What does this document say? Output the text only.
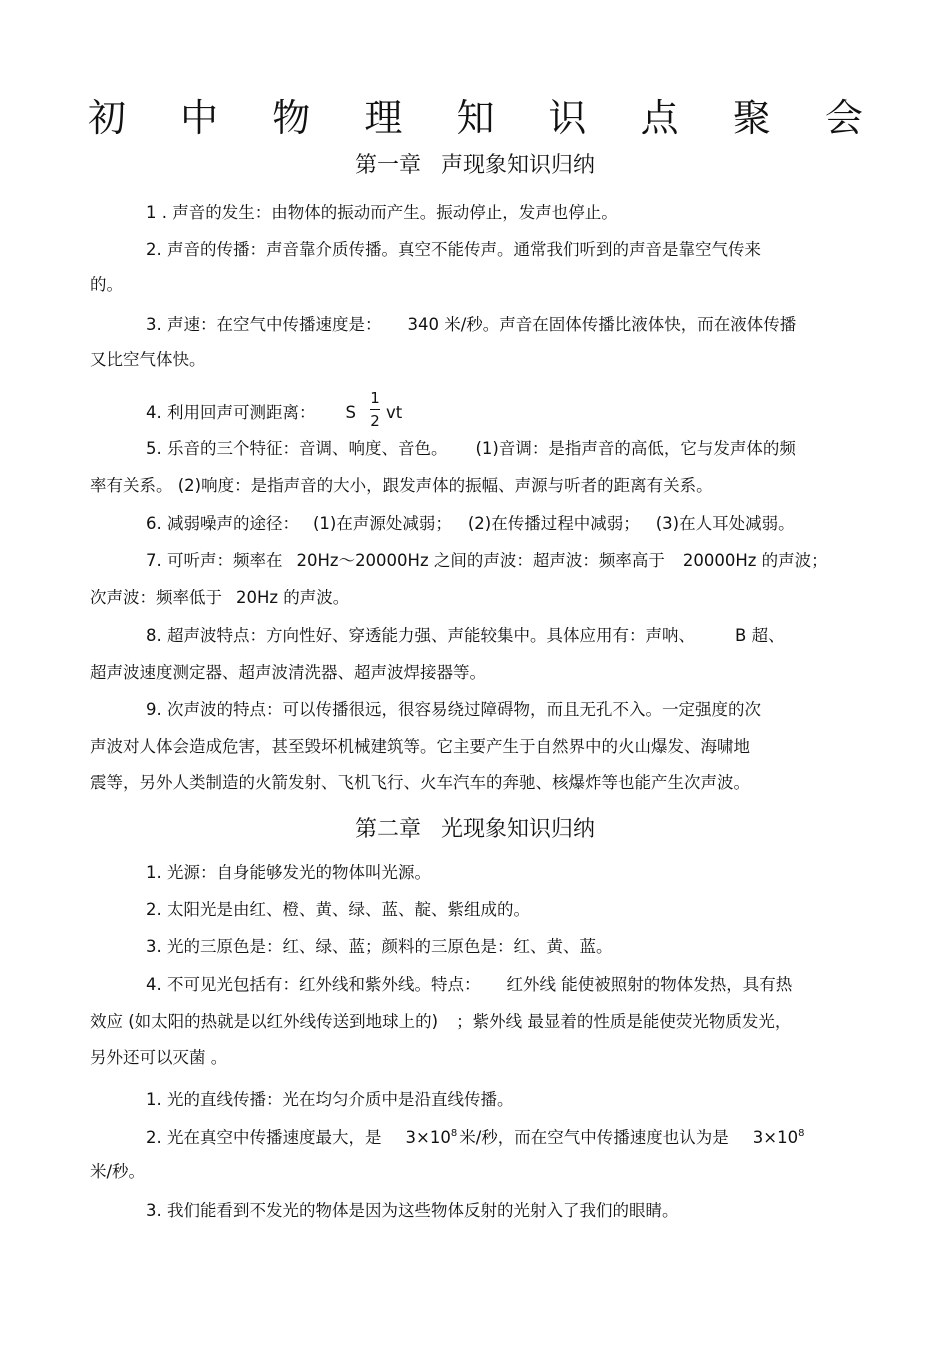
初 中 物 理 知 识 点 聚 会
第一章 声现象知识归纳
1 . 声音的发生：由物体的振动而产生。振动停止，发声也停止。
2. 声音的传播：声音靠介质传播。真空不能传声。通常我们听到的声音是靠空气传来
的。
3. 声速：在空气中传播速度是： 340 米/秒。声音在固体传播比液体快，而在液体传播
又比空气体快。
4. 利用回声可测距离： S $\frac{1}{2}$ vt
5. 乐音的三个特征：音调、响度、音色。 (1)音调：是指声音的高低，它与发声体的频
率有关系。 (2)响度：是指声音的大小，跟发声体的振幅、声源与听者的距离有关系。
6. 减弱噪声的途径： (1)在声源处减弱； (2)在传播过程中减弱； (3)在人耳处减弱。
7. 可听声：频率在 20Hz～20000Hz 之间的声波：超声波：频率高于 20000Hz 的声波；
次声波：频率低于 20Hz 的声波。
8. 超声波特点：方向性好、穿透能力强、声能较集中。具体应用有：声呐、 B 超、
超声波速度测定器、超声波清洗器、超声波焊接器等。
9. 次声波的特点：可以传播很远，很容易绕过障碍物，而且无孔不入。一定强度的次
声波对人体会造成危害，甚至毁坏机械建筑等。它主要产生于自然界中的火山爆发、海啸地
震等，另外人类制造的火箭发射、飞机飞行、火车汽车的奔驰、核爆炸等也能产生次声波。
第二章 光现象知识归纳
1. 光源：自身能够发光的物体叫光源。
2. 太阳光是由红、橙、黄、绿、蓝、靛、紫组成的。
3. 光的三原色是：红、绿、蓝；颜料的三原色是：红、黄、蓝。
4. 不可见光包括有：红外线和紫外线。特点： 红外线 能使被照射的物体发热，具有热
效应 (如太阳的热就是以红外线传送到地球上的) ；紫外线 最显着的性质是能使荧光物质发光，
另外还可以灭菌 。
1. 光的直线传播：光在均匀介质中是沿直线传播。
2. 光在真空中传播速度最大，是 $3\times 10^8$ 米/秒，而在空气中传播速度也认为是 $3\times 10^8$
米/秒。
3. 我们能看到不发光的物体是因为这些物体反射的光射入了我们的眼睛。
